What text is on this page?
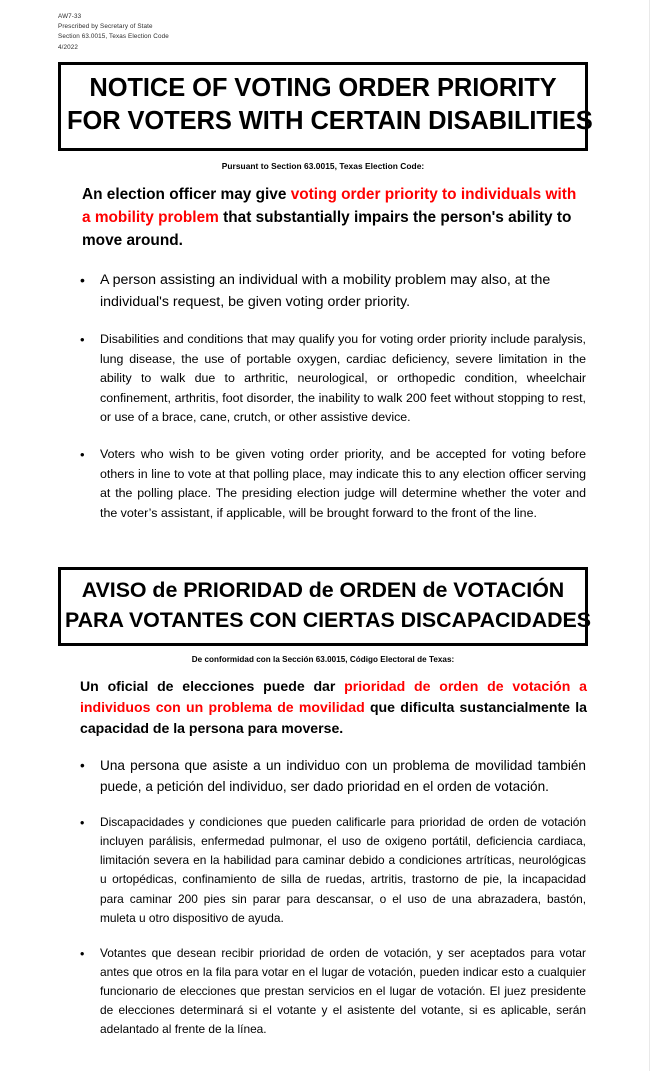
AW7-33
Prescribed by Secretary of State
Section 63.0015, Texas Election Code
4/2022
NOTICE OF VOTING ORDER PRIORITY
FOR VOTERS WITH CERTAIN DISABILITIES
Pursuant to Section 63.0015, Texas Election Code:
An election officer may give voting order priority to individuals with a mobility problem that substantially impairs the person's ability to move around.
• A person assisting an individual with a mobility problem may also, at the individual's request, be given voting order priority.
• Disabilities and conditions that may qualify you for voting order priority include paralysis, lung disease, the use of portable oxygen, cardiac deficiency, severe limitation in the ability to walk due to arthritic, neurological, or orthopedic condition, wheelchair confinement, arthritis, foot disorder, the inability to walk 200 feet without stopping to rest, or use of a brace, cane, crutch, or other assistive device.
• Voters who wish to be given voting order priority, and be accepted for voting before others in line to vote at that polling place, may indicate this to any election officer serving at the polling place. The presiding election judge will determine whether the voter and the voter’s assistant, if applicable, will be brought forward to the front of the line.
AVISO de PRIORIDAD de ORDEN de VOTACIÓN
PARA VOTANTES CON CIERTAS DISCAPACIDADES
De conformidad con la Sección 63.0015, Código Electoral de Texas:
Un oficial de elecciones puede dar prioridad de orden de votación a individuos con un problema de movilidad que dificulta sustancialmente la capacidad de la persona para moverse.
• Una persona que asiste a un individuo con un problema de movilidad también puede, a petición del individuo, ser dado prioridad en el orden de votación.
• Discapacidades y condiciones que pueden calificarle para prioridad de orden de votación incluyen parálisis, enfermedad pulmonar, el uso de oxigeno portátil, deficiencia cardiaca, limitación severa en la habilidad para caminar debido a condiciones artríticas, neurológicas u ortopédicas, confinamiento de silla de ruedas, artritis, trastorno de pie, la incapacidad para caminar 200 pies sin parar para descansar, o el uso de una abrazadera, bastón, muleta u otro dispositivo de ayuda.
• Votantes que desean recibir prioridad de orden de votación, y ser aceptados para votar antes que otros en la fila para votar en el lugar de votación, pueden indicar esto a cualquier funcionario de elecciones que prestan servicios en el lugar de votación. El juez presidente de elecciones determinará si el votante y el asistente del votante, si es aplicable, serán adelantado al frente de la línea.
